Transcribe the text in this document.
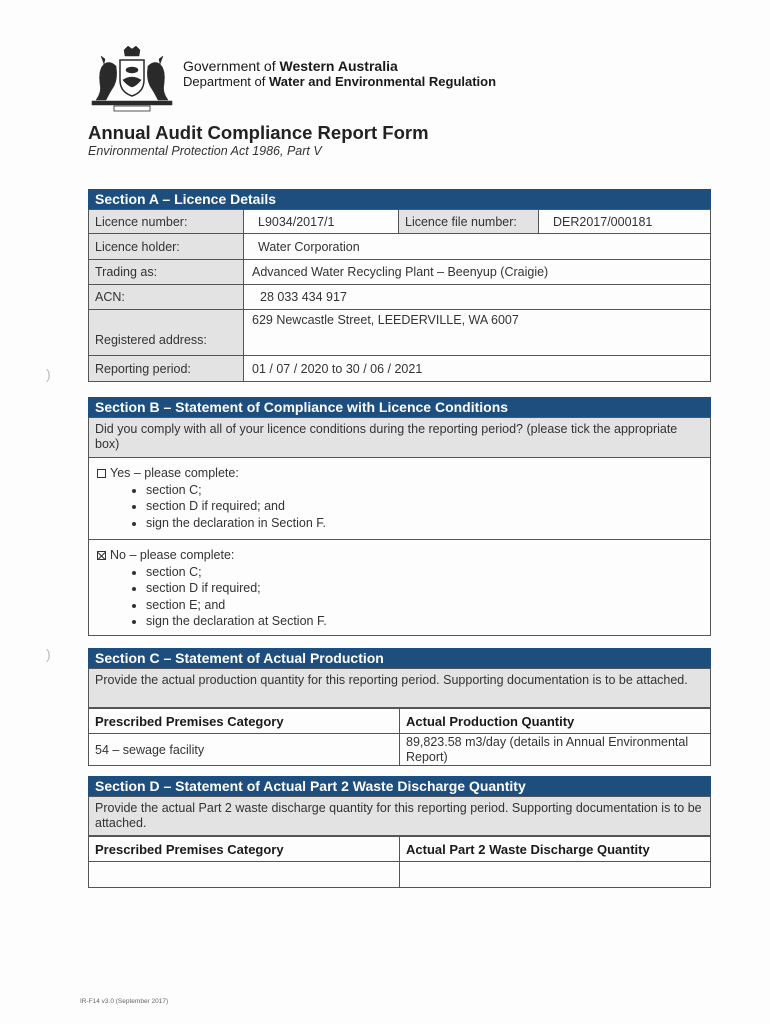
Government of Western Australia
Department of Water and Environmental Regulation
Annual Audit Compliance Report Form
Environmental Protection Act 1986, Part V
Section A – Licence Details
Licence number:	L9034/2017/1	Licence file number:	DER2017/000181
Licence holder:	Water Corporation		
Trading as:	Advanced Water Recycling Plant – Beenyup (Craigie)		
ACN:	28 033 434 917		
Registered address:	629 Newcastle Street, LEEDERVILLE, WA 6007		
Reporting period:	01 / 07 / 2020 to 30 / 06 / 2021		
Section B – Statement of Compliance with Licence Conditions
Did you comply with all of your licence conditions during the reporting period? (please tick the appropriate box)
Yes – please complete:
• section C;
• section D if required; and
• sign the declaration in Section F.
No – please complete:
• section C;
• section D if required;
• section E; and
• sign the declaration at Section F.
Section C – Statement of Actual Production
Provide the actual production quantity for this reporting period. Supporting documentation is to be attached.
Prescribed Premises Category	Actual Production Quantity
54 – sewage facility	89,823.58 m3/day (details in Annual Environmental Report)
Section D – Statement of Actual Part 2 Waste Discharge Quantity
Provide the actual Part 2 waste discharge quantity for this reporting period. Supporting documentation is to be attached.
Prescribed Premises Category	Actual Part 2 Waste Discharge Quantity

)
)
IR-F14 v3.0 (September 2017)
